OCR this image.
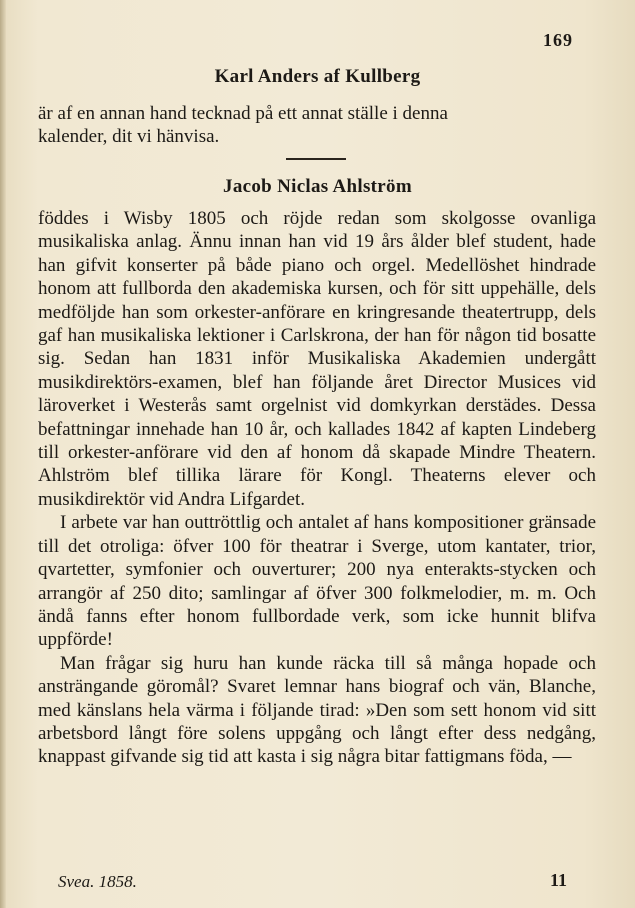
169
Karl Anders af Kullberg

är af en annan hand tecknad på ett annat ställe i denna

kalender, dit vi hänvisa.

Jacob Niclas Ahlström

föddes i Wisby 1805 och röjde redan som skolgosse ovanliga musikaliska anlag. Ännu innan han vid 19 års ålder blef student, hade han gifvit konserter på både piano och orgel. Medellöshet hindrade honom att fullborda den akademiska kursen, och för sitt uppehälle, dels medföljde han som orkester-anförare en kringresande theatertrupp, dels gaf han musikaliska lektioner i Carlskrona, der han för någon tid bosatte sig. Sedan han 1831 inför Musikaliska Akademien undergått musikdirektörs-examen, blef han följande året Director Musices vid läroverket i Westerås samt orgelnist vid domkyrkan derstädes. Dessa befattningar innehade han 10 år, och kallades 1842 af kapten Lindeberg till orkester-anförare vid den af honom då skapade Mindre Theatern. Ahlström blef tillika lärare för Kongl. Theaterns elever och musikdirektör vid Andra Lifgardet.

I arbete var han outtröttlig och antalet af hans kompositioner gränsade till det otroliga: öfver 100 för theatrar i Sverge, utom kantater, trior, qvartetter, symfonier och ouverturer; 200 nya enterakts-stycken och arrangör af 250 dito; samlingar af öfver 300 folkmelodier, m. m. Och ändå fanns efter honom fullbordade verk, som icke hunnit blifva uppförde!

Man frågar sig huru han kunde räcka till så många hopade och ansträngande göromål? Svaret lemnar hans biograf och vän, Blanche, med känslans hela värma i följande tirad: »Den som sett honom vid sitt arbetsbord långt före solens uppgång och långt efter dess nedgång, knappast gifvande sig tid att kasta i sig några bitar fattigmans föda, —

Svea. 1858.	11
